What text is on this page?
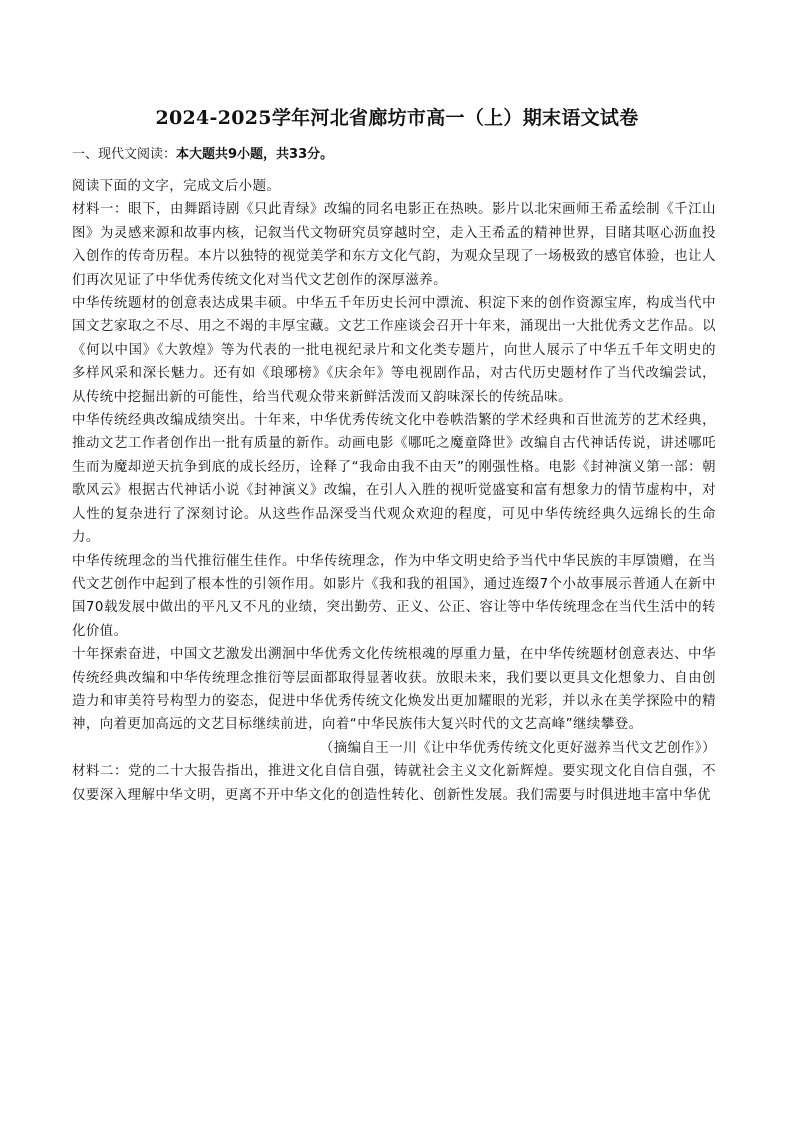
2024-2025学年河北省廊坊市高一（上）期末语文试卷
一、现代文阅读：本大题共9小题，共33分。

阅读下面的文字，完成文后小题。

材料一：眼下，由舞蹈诗剧《只此青绿》改编的同名电影正在热映。影片以北宋画师王希孟绘制《千江山图》为灵感来源和故事内核，记叙当代文物研究员穿越时空，走入王希孟的精神世界，目睹其呕心沥血投入创作的传奇历程。本片以独特的视觉美学和东方文化气韵，为观众呈现了一场极致的感官体验，也让人们再次见证了中华优秀传统文化对当代文艺创作的深厚滋养。

中华传统题材的创意表达成果丰硕。中华五千年历史长河中漂流、积淀下来的创作资源宝库，构成当代中国文艺家取之不尽、用之不竭的丰厚宝藏。文艺工作座谈会召开十年来，涌现出一大批优秀文艺作品。以《何以中国》《大敦煌》等为代表的一批电视纪录片和文化类专题片，向世人展示了中华五千年文明史的多样风采和深长魅力。还有如《琅琊榜》《庆余年》等电视剧作品，对古代历史题材作了当代改编尝试，从传统中挖掘出新的可能性，给当代观众带来新鲜活泼而又韵味深长的传统品味。

中华传统经典改编成绩突出。十年来，中华优秀传统文化中卷帙浩繁的学术经典和百世流芳的艺术经典，推动文艺工作者创作出一批有质量的新作。动画电影《哪吒之魔童降世》改编自古代神话传说，讲述哪吒生而为魔却逆天抗争到底的成长经历，诠释了“我命由我不由天”的刚强性格。电影《封神演义第一部：朝歌风云》根据古代神话小说《封神演义》改编，在引人入胜的视听觉盛宴和富有想象力的情节虚构中，对人性的复杂进行了深刻讨论。从这些作品深受当代观众欢迎的程度，可见中华传统经典久远绵长的生命力。

中华传统理念的当代推衍催生佳作。中华传统理念，作为中华文明史给予当代中华民族的丰厚馈赠，在当代文艺创作中起到了根本性的引领作用。如影片《我和我的祖国》，通过连缀7个小故事展示普通人在新中国70载发展中做出的平凡又不凡的业绩，突出勤劳、正义、公正、容让等中华传统理念在当代生活中的转化价值。

十年探索奋进，中国文艺激发出溯洄中华优秀文化传统根魂的厚重力量，在中华传统题材创意表达、中华传统经典改编和中华传统理念推衍等层面都取得显著收获。放眼未来，我们要以更具文化想象力、自由创造力和审美符号构型力的姿态，促进中华优秀传统文化焕发出更加耀眼的光彩，并以永在美学探险中的精神，向着更加高远的文艺目标继续前进，向着“中华民族伟大复兴时代的文艺高峰”继续攀登。

（摘编自王一川《让中华优秀传统文化更好滋养当代文艺创作》）

材料二：党的二十大报告指出，推进文化自信自强，铸就社会主义文化新辉煌。要实现文化自信自强，不仅要深入理解中华文明，更离不开中华文化的创造性转化、创新性发展。我们需要与时俱进地丰富中华优
